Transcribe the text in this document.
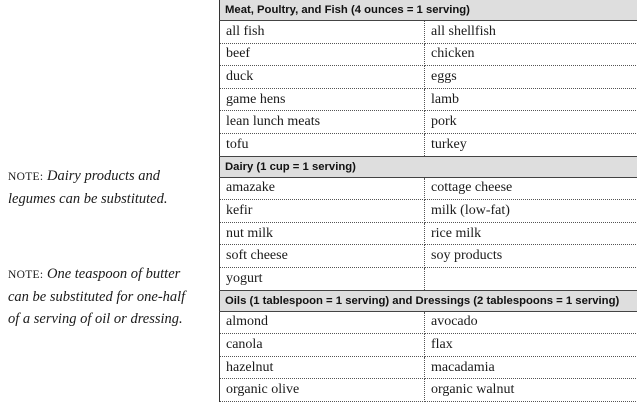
NOTE: Dairy products and legumes can be substituted.
NOTE: One teaspoon of butter can be substituted for one-half of a serving of oil or dressing.
Meat, Poultry, and Fish (4 ounces = 1 serving)	
all fish	all shellfish
beef	chicken
duck	eggs
game hens	lamb
lean lunch meats	pork
tofu	turkey
Dairy (1 cup = 1 serving)	
amazake	cottage cheese
kefir	milk (low-fat)
nut milk	rice milk
soft cheese	soy products
yogurt	
Oils (1 tablespoon = 1 serving) and Dressings (2 tablespoons = 1 serving)	
almond	avocado
canola	flax
hazelnut	macadamia
organic olive	organic walnut
